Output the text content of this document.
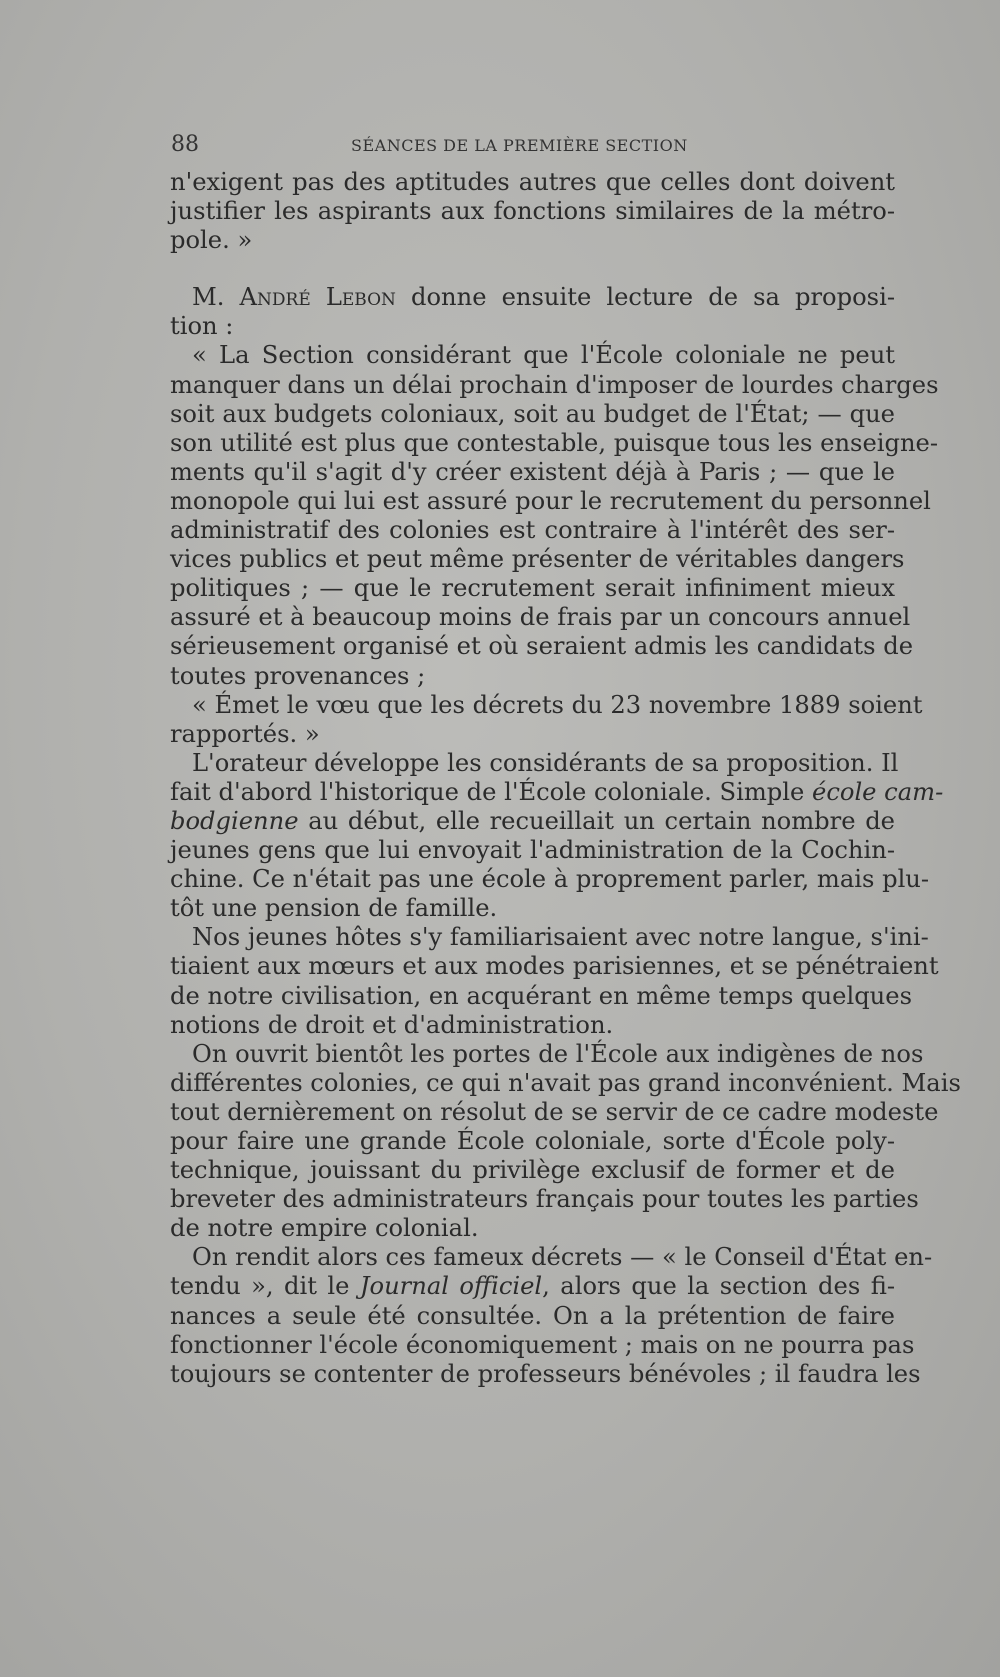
88	SÉANCES DE LA PREMIÈRE SECTION
n'exigent pas des aptitudes autres que celles dont doivent
justifier les aspirants aux fonctions similaires de la métro-
pole. »
M. André Lebon donne ensuite lecture de sa proposi-
tion :
« La Section considérant que l'École coloniale ne peut
manquer dans un délai prochain d'imposer de lourdes charges
soit aux budgets coloniaux, soit au budget de l'État; — que
son utilité est plus que contestable, puisque tous les enseigne-
ments qu'il s'agit d'y créer existent déjà à Paris ; — que le
monopole qui lui est assuré pour le recrutement du personnel
administratif des colonies est contraire à l'intérêt des ser-
vices publics et peut même présenter de véritables dangers
politiques ; — que le recrutement serait infiniment mieux
assuré et à beaucoup moins de frais par un concours annuel
sérieusement organisé et où seraient admis les candidats de
toutes provenances ;
« Émet le vœu que les décrets du 23 novembre 1889 soient
rapportés. »
L'orateur développe les considérants de sa proposition. Il
fait d'abord l'historique de l'École coloniale. Simple école cam-
bodgienne au début, elle recueillait un certain nombre de
jeunes gens que lui envoyait l'administration de la Cochin-
chine. Ce n'était pas une école à proprement parler, mais plu-
tôt une pension de famille.
Nos jeunes hôtes s'y familiarisaient avec notre langue, s'ini-
tiaient aux mœurs et aux modes parisiennes, et se pénétraient
de notre civilisation, en acquérant en même temps quelques
notions de droit et d'administration.
On ouvrit bientôt les portes de l'École aux indigènes de nos
différentes colonies, ce qui n'avait pas grand inconvénient. Mais
tout dernièrement on résolut de se servir de ce cadre modeste
pour faire une grande École coloniale, sorte d'École poly-
technique, jouissant du privilège exclusif de former et de
breveter des administrateurs français pour toutes les parties
de notre empire colonial.
On rendit alors ces fameux décrets — « le Conseil d'État en-
tendu », dit le Journal officiel, alors que la section des fi-
nances a seule été consultée. On a la prétention de faire
fonctionner l'école économiquement ; mais on ne pourra pas
toujours se contenter de professeurs bénévoles ; il faudra les
